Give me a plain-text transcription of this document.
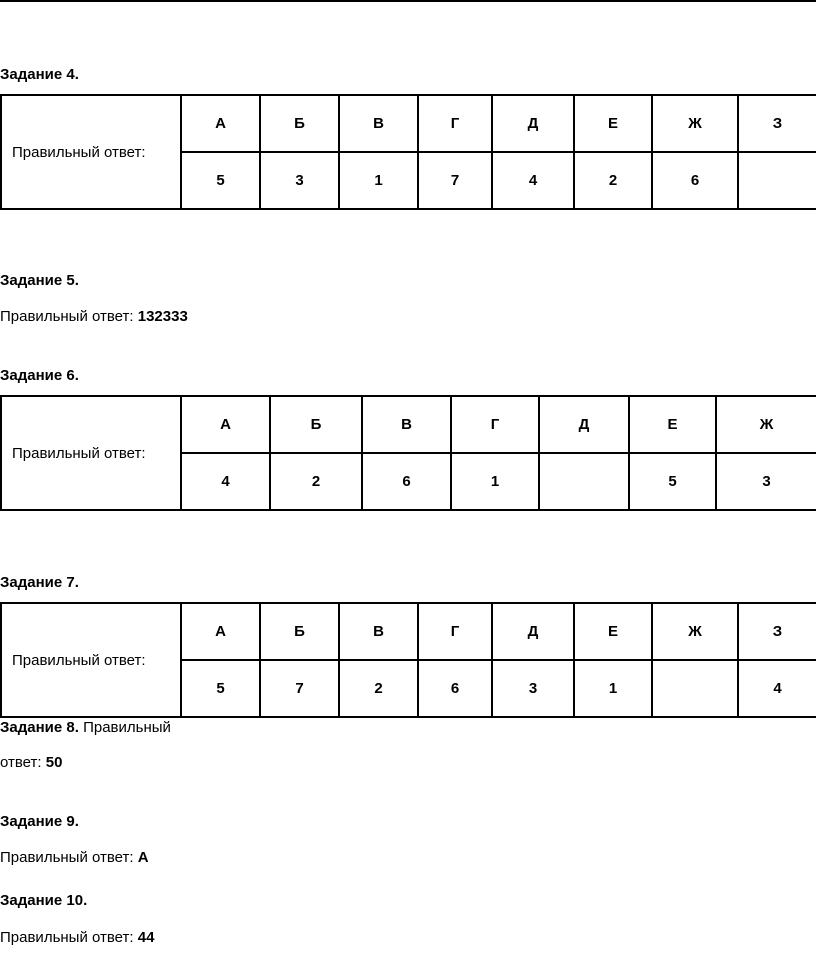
Задание 4.
Правильный ответ:	А	Б	В	Г	Д	Е	Ж	З
	5	3	1	7	4	2	6	
Задание 5.
Правильный ответ: 132333
Задание 6.
Правильный ответ:	А	Б	В	Г	Д	Е	Ж
	4	2	6	1		5	3
Задание 7.
Правильный ответ:	А	Б	В	Г	Д	Е	Ж	З
	5	7	2	6	3	1		4
Задание 8. Правильный
ответ: 50
Задание 9.
Правильный ответ: А
Задание 10.
Правильный ответ: 44
